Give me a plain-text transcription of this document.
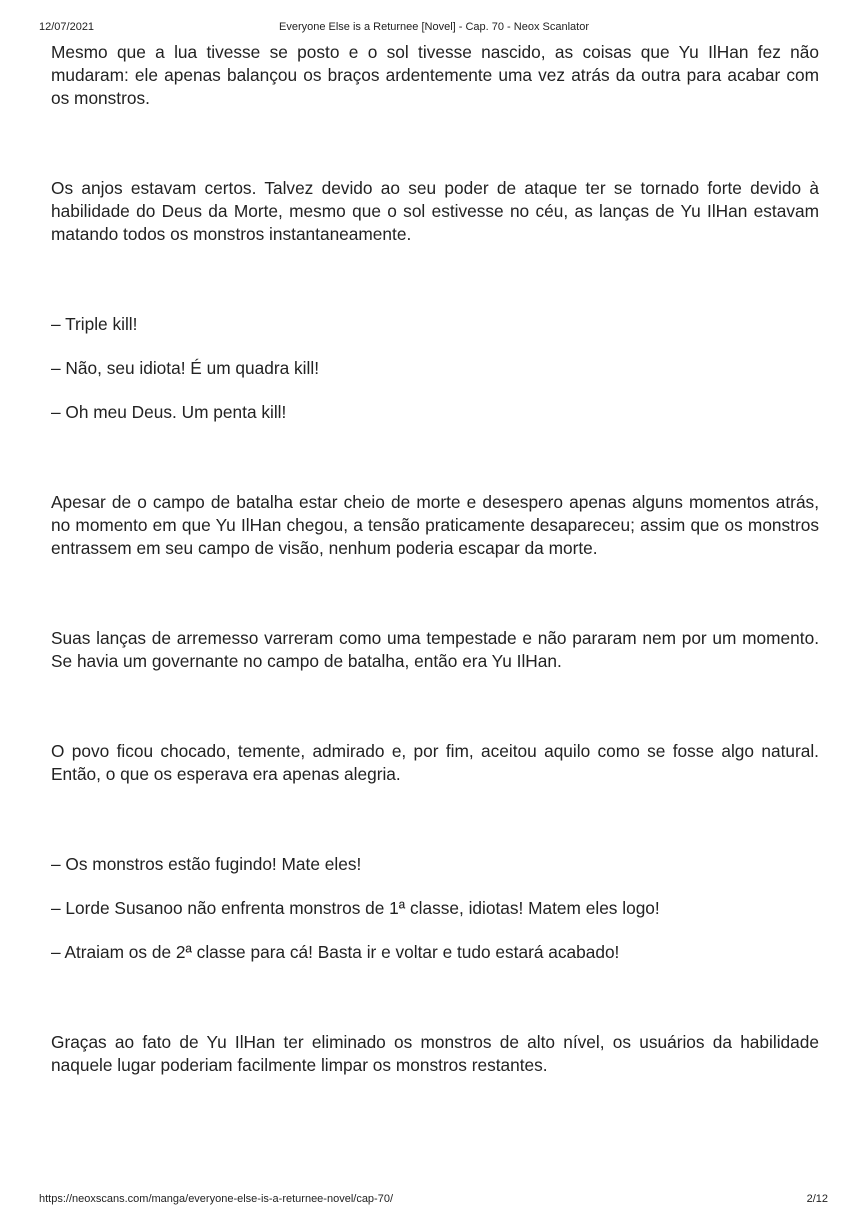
Everyone Else is a Returnee [Novel] - Cap. 70 - Neox Scanlator
12/07/2021

Mesmo que a lua tivesse se posto e o sol tivesse nascido, as coisas que Yu IlHan fez não mudaram: ele apenas balançou os braços ardentemente uma vez atrás da outra para acabar com os monstros.

Os anjos estavam certos. Talvez devido ao seu poder de ataque ter se tornado forte devido à habilidade do Deus da Morte, mesmo que o sol estivesse no céu, as lanças de Yu IlHan estavam matando todos os monstros instantaneamente.

– Triple kill!

– Não, seu idiota! É um quadra kill!

– Oh meu Deus. Um penta kill!

Apesar de o campo de batalha estar cheio de morte e desespero apenas alguns momentos atrás, no momento em que Yu IlHan chegou, a tensão praticamente desapareceu; assim que os monstros entrassem em seu campo de visão, nenhum poderia escapar da morte.

Suas lanças de arremesso varreram como uma tempestade e não pararam nem por um momento. Se havia um governante no campo de batalha, então era Yu IlHan.

O povo ficou chocado, temente, admirado e, por fim, aceitou aquilo como se fosse algo natural. Então, o que os esperava era apenas alegria.

– Os monstros estão fugindo! Mate eles!

– Lorde Susanoo não enfrenta monstros de 1ª classe, idiotas! Matem eles logo!

– Atraiam os de 2ª classe para cá! Basta ir e voltar e tudo estará acabado!

Graças ao fato de Yu IlHan ter eliminado os monstros de alto nível, os usuários da habilidade naquele lugar poderiam facilmente limpar os monstros restantes.

https://neoxscans.com/manga/everyone-else-is-a-returnee-novel/cap-70/	2/12
